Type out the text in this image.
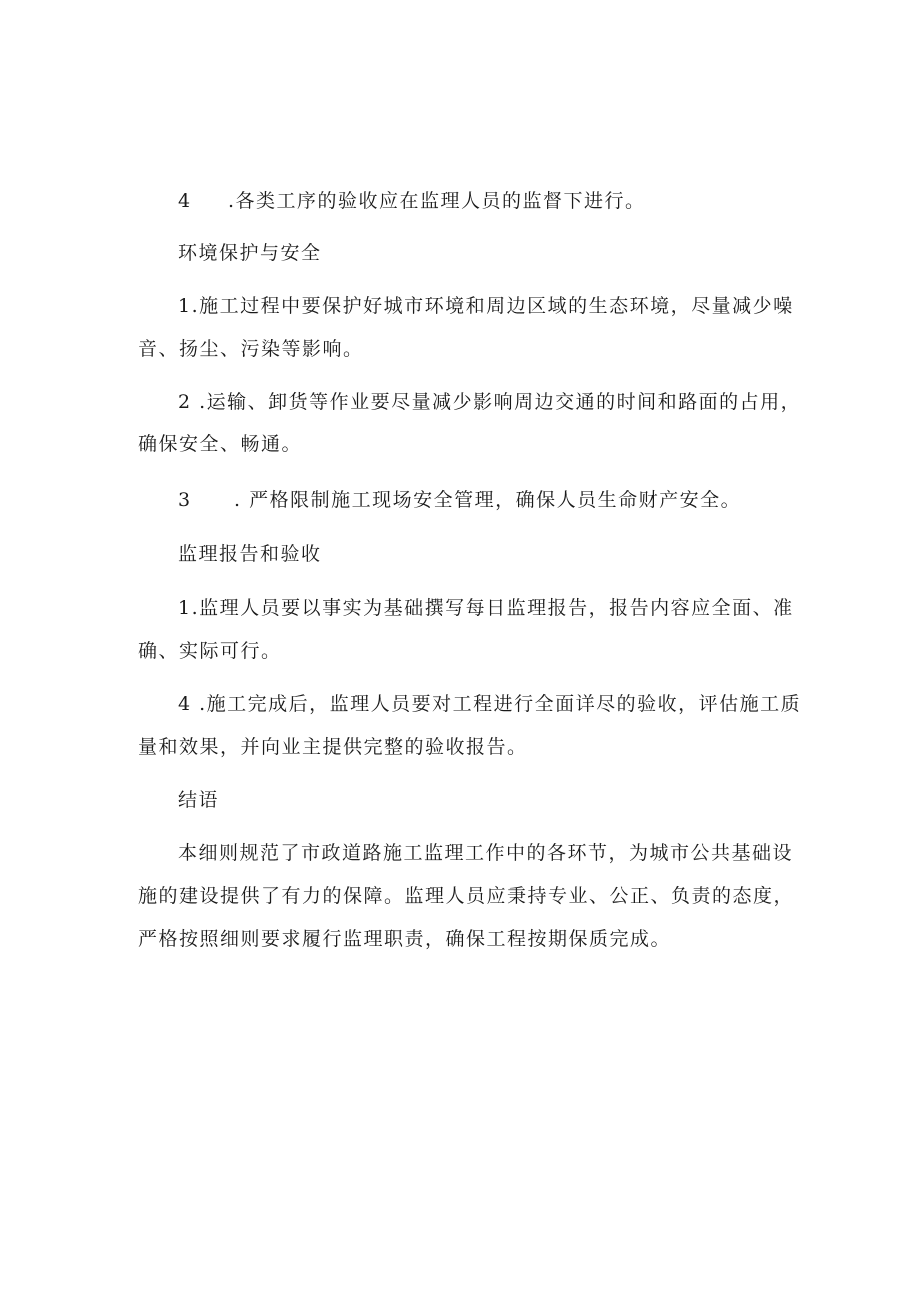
4 .各类工序的验收应在监理人员的监督下进行。
环境保护与安全
1.施工过程中要保护好城市环境和周边区域的生态环境，尽量减少噪
音、扬尘、污染等影响。
2 .运输、卸货等作业要尽量减少影响周边交通的时间和路面的占用，
确保安全、畅通。
3 . 严格限制施工现场安全管理，确保人员生命财产安全。
监理报告和验收
1.监理人员要以事实为基础撰写每日监理报告，报告内容应全面、准
确、实际可行。
4 .施工完成后，监理人员要对工程进行全面详尽的验收，评估施工质
量和效果，并向业主提供完整的验收报告。
结语
本细则规范了市政道路施工监理工作中的各环节，为城市公共基础设
施的建设提供了有力的保障。监理人员应秉持专业、公正、负责的态度，
严格按照细则要求履行监理职责，确保工程按期保质完成。
